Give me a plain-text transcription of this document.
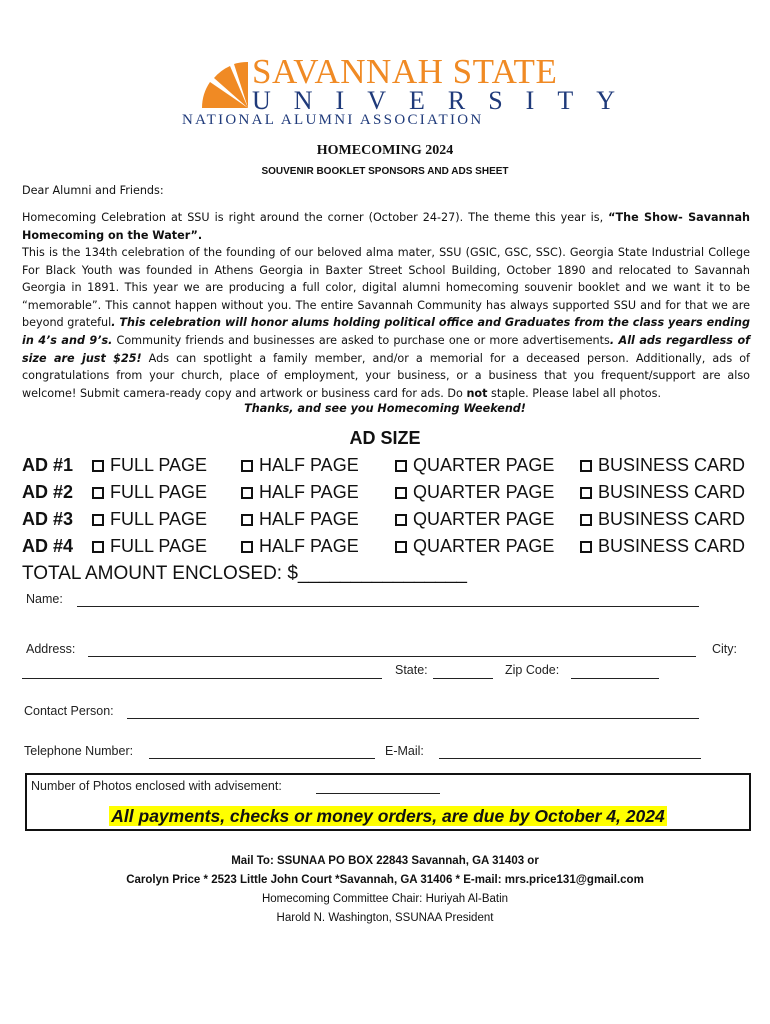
SAVANNAH STATE
UNIVERSITY
NATIONAL ALUMNI ASSOCIATION
HOMECOMING 2024
SOUVENIR BOOKLET SPONSORS AND ADS SHEET
Dear Alumni and Friends:
Homecoming Celebration at SSU is right around the corner (October 24-27). The theme this year is, “The Show- Savannah Homecoming on the Water”.
This is the 134th celebration of the founding of our beloved alma mater, SSU (GSIC, GSC, SSC). Georgia State Industrial College For Black Youth was founded in Athens Georgia in Baxter Street School Building, October 1890 and relocated to Savannah Georgia in 1891. This year we are producing a full color, digital alumni homecoming souvenir booklet and we want it to be “memorable”. This cannot happen without you. The entire Savannah Community has always supported SSU and for that we are beyond grateful. This celebration will honor alums holding political office and Graduates from the class years ending in 4’s and 9’s. Community friends and businesses are asked to purchase one or more advertisements. All ads regardless of size are just $25! Ads can spotlight a family member, and/or a memorial for a deceased person. Additionally, ads of congratulations from your church, place of employment, your business, or a business that you frequent/support are also welcome! Submit camera-ready copy and artwork or business card for ads. Do not staple. Please label all photos.
Thanks, and see you Homecoming Weekend!
AD SIZE
AD #1 FULL PAGE	HALF PAGE	QUARTER PAGE BUSINESS CARD
AD #2 FULL PAGE	HALF PAGE	QUARTER PAGE BUSINESS CARD
AD #3 FULL PAGE	HALF PAGE	QUARTER PAGE BUSINESS CARD
AD #4 FULL PAGE	HALF PAGE	QUARTER PAGE BUSINESS CARD
TOTAL AMOUNT ENCLOSED: $________________
Name:
Address:	City:
State:	Zip Code:
Contact Person:
Telephone Number:	E-Mail:
Number of Photos enclosed with advisement:
All payments, checks or money orders, are due by October 4, 2024
Mail To: SSUNAA PO BOX 22843 Savannah, GA 31403 or
Carolyn Price * 2523 Little John Court *Savannah, GA 31406 * E-mail: mrs.price131@gmail.com
Homecoming Committee Chair: Huriyah Al-Batin
Harold N. Washington, SSUNAA President
